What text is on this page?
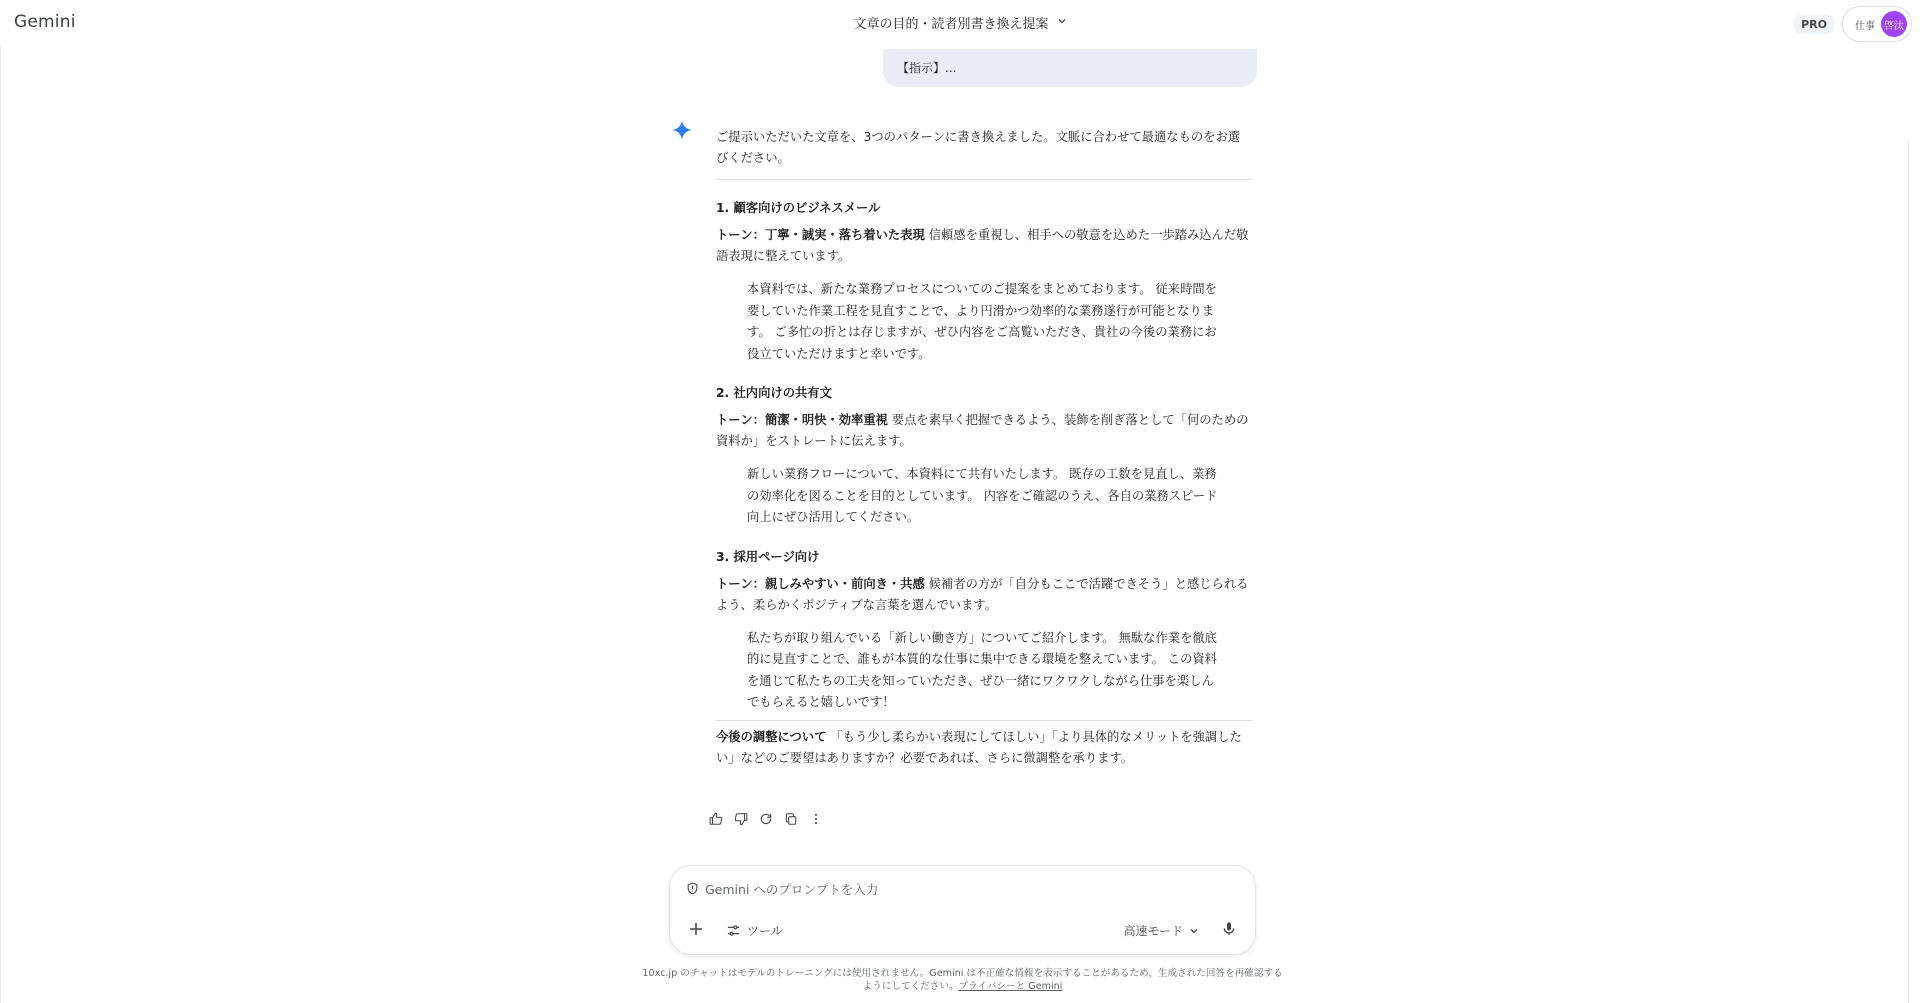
Gemini	文章の目的・読者別書き換え提案	PRO	仕事 啓汰
【指示】...

ご提示いただいた文章を、3つのパターンに書き換えました。文脈に合わせて最適なものをお選びください。

1. 顧客向けのビジネスメール

トーン：丁寧・誠実・落ち着いた表現 信頼感を重視し、相手への敬意を込めた一歩踏み込んだ敬語表現に整えています。

本資料では、新たな業務プロセスについてのご提案をまとめております。 従来時間を要していた作業工程を見直すことで、より円滑かつ効率的な業務遂行が可能となります。 ご多忙の折とは存じますが、ぜひ内容をご高覧いただき、貴社の今後の業務にお役立ていただけますと幸いです。

2. 社内向けの共有文

トーン：簡潔・明快・効率重視 要点を素早く把握できるよう、装飾を削ぎ落として「何のための資料か」をストレートに伝えます。

新しい業務フローについて、本資料にて共有いたします。 既存の工数を見直し、業務の効率化を図ることを目的としています。 内容をご確認のうえ、各自の業務スピード向上にぜひ活用してください。

3. 採用ページ向け

トーン：親しみやすい・前向き・共感 候補者の方が「自分もここで活躍できそう」と感じられるよう、柔らかくポジティブな言葉を選んでいます。

私たちが取り組んでいる「新しい働き方」についてご紹介します。 無駄な作業を徹底的に見直すことで、誰もが本質的な仕事に集中できる環境を整えています。 この資料を通じて私たちの工夫を知っていただき、ぜひ一緒にワクワクしながら仕事を楽しんでもらえると嬉しいです！

今後の調整について 「もう少し柔らかい表現にしてほしい」「より具体的なメリットを強調したい」などのご要望はありますか？必要であれば、さらに微調整を承ります。

Gemini へのプロンプトを入力
ツール	高速モード
10xc.jp のチャットはモデルのトレーニングには使用されません。Gemini は不正確な情報を表示することがあるため、生成された回答を再確認するようにしてください。プライバシーと Gemini
